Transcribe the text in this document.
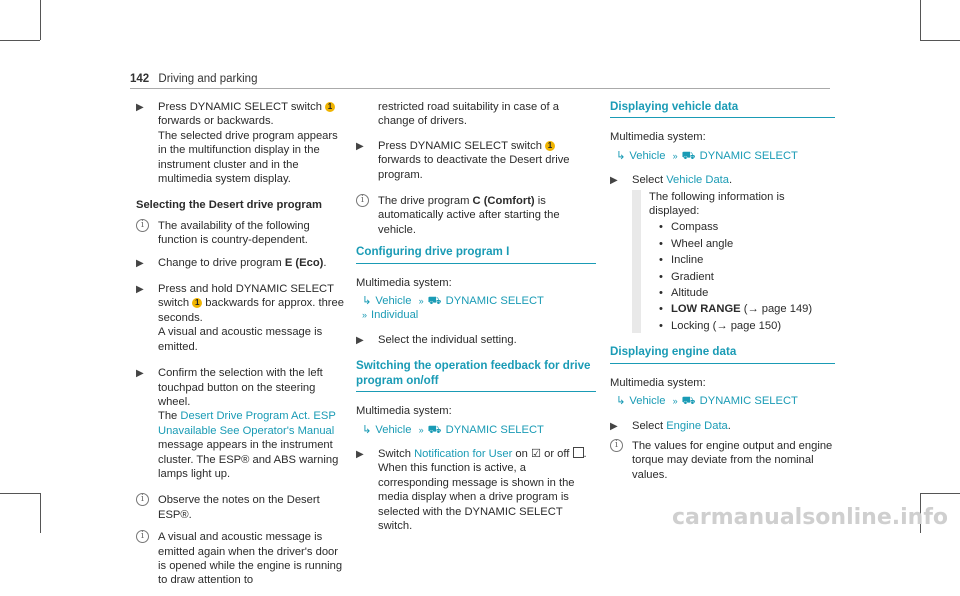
142 Driving and parking
▶ Press DYNAMIC SELECT switch 1 forwards or backwards.
The selected drive program appears in the multifunction display in the instrument cluster and in the multimedia system display.
Selecting the Desert drive program
i	The availability of the following function is country-dependent.
▶ Change to drive program E (Eco).
▶ Press and hold DYNAMIC SELECT switch 1 backwards for approx. three seconds.
A visual and acoustic message is emitted.
▶ Confirm the selection with the left touchpad button on the steering wheel.
The Desert Drive Program Act. ESP Unavailable See Operator's Manual message appears in the instrument cluster. The ESP® and ABS warning lamps light up.
i	Observe the notes on the Desert ESP®.
i	A visual and acoustic message is emitted again when the driver's door is opened while the engine is running to draw attention to
restricted road suitability in case of a change of drivers.
▶ Press DYNAMIC SELECT switch 1 forwards to deactivate the Desert drive program.
i	The drive program C (Comfort) is automatically active after starting the vehicle.
Configuring drive program I
Multimedia system:
↳ Vehicle » ⛟ DYNAMIC SELECT
» Individual
▶ Select the individual setting.
Switching the operation feedback for drive program on/off
Multimedia system:
↳ Vehicle » ⛟ DYNAMIC SELECT
▶ Switch Notification for User on ☑ or off .
When this function is active, a corresponding message is shown in the media display when a drive program is selected with the DYNAMIC SELECT switch.
Displaying vehicle data
Multimedia system:
↳ Vehicle » ⛟ DYNAMIC SELECT
▶ Select Vehicle Data.
The following information is displayed:
• Compass
• Wheel angle
• Incline
• Gradient
• Altitude
• LOW RANGE (→ page 149)
• Locking (→ page 150)
Displaying engine data
Multimedia system:
↳ Vehicle » ⛟ DYNAMIC SELECT
▶ Select Engine Data.
i	The values for engine output and engine torque may deviate from the nominal values.
carmanualsonline.info
